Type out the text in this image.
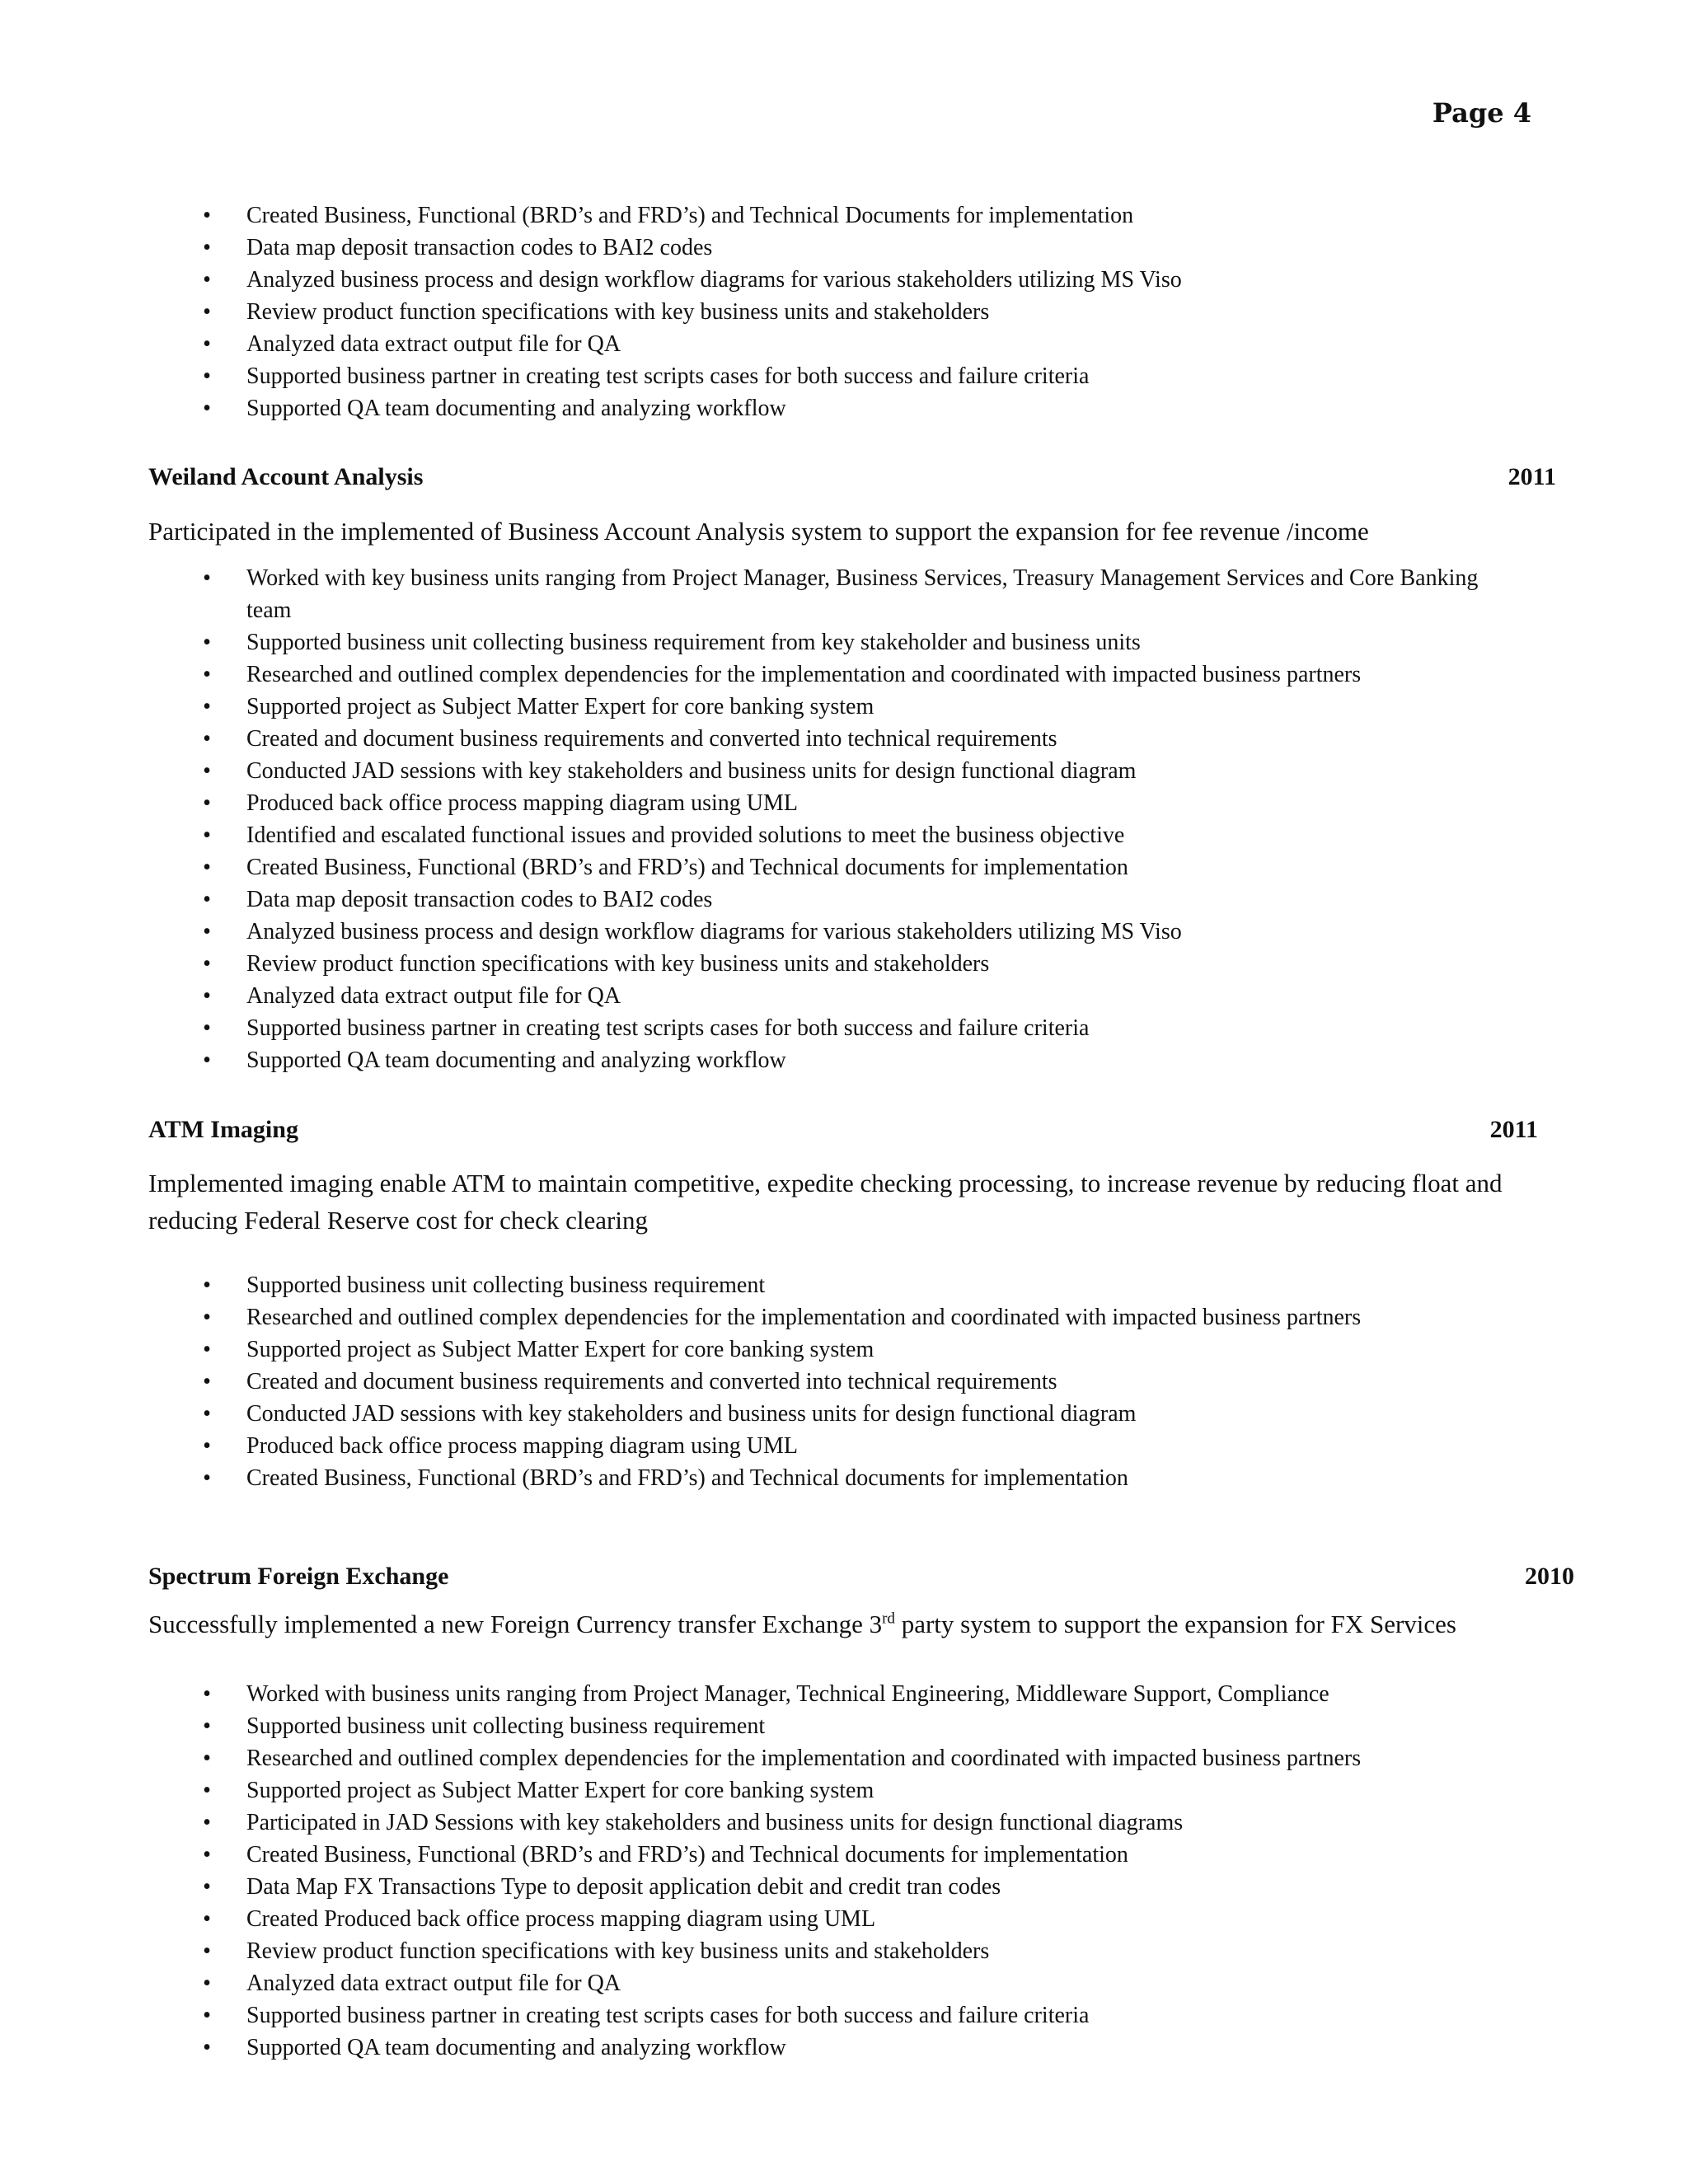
Page 4
• Created Business, Functional (BRD’s and FRD’s) and Technical Documents for implementation
• Data map deposit transaction codes to BAI2 codes
• Analyzed business process and design workflow diagrams for various stakeholders utilizing MS Viso
• Review product function specifications with key business units and stakeholders
• Analyzed data extract output file for QA
• Supported business partner in creating test scripts cases for both success and failure criteria
• Supported QA team documenting and analyzing workflow
Weiland Account Analysis	2011

Participated in the implemented of Business Account Analysis system to support the expansion for fee revenue /income

• Worked with key business units ranging from Project Manager, Business Services, Treasury Management Services and Core Banking team
• Supported business unit collecting business requirement from key stakeholder and business units
• Researched and outlined complex dependencies for the implementation and coordinated with impacted business partners
• Supported project as Subject Matter Expert for core banking system
• Created and document business requirements and converted into technical requirements
• Conducted JAD sessions with key stakeholders and business units for design functional diagram
• Produced back office process mapping diagram using UML
• Identified and escalated functional issues and provided solutions to meet the business objective
• Created Business, Functional (BRD’s and FRD’s) and Technical documents for implementation
• Data map deposit transaction codes to BAI2 codes
• Analyzed business process and design workflow diagrams for various stakeholders utilizing MS Viso
• Review product function specifications with key business units and stakeholders
• Analyzed data extract output file for QA
• Supported business partner in creating test scripts cases for both success and failure criteria
• Supported QA team documenting and analyzing workflow
ATM Imaging	2011

Implemented imaging enable ATM to maintain competitive, expedite checking processing, to increase revenue by reducing float and reducing Federal Reserve cost for check clearing

• Supported business unit collecting business requirement
• Researched and outlined complex dependencies for the implementation and coordinated with impacted business partners
• Supported project as Subject Matter Expert for core banking system
• Created and document business requirements and converted into technical requirements
• Conducted JAD sessions with key stakeholders and business units for design functional diagram
• Produced back office process mapping diagram using UML
• Created Business, Functional (BRD’s and FRD’s) and Technical documents for implementation
Spectrum Foreign Exchange	2010

Successfully implemented a new Foreign Currency transfer Exchange 3rd party system to support the expansion for FX Services

• Worked with business units ranging from Project Manager, Technical Engineering, Middleware Support, Compliance
• Supported business unit collecting business requirement
• Researched and outlined complex dependencies for the implementation and coordinated with impacted business partners
• Supported project as Subject Matter Expert for core banking system
• Participated in JAD Sessions with key stakeholders and business units for design functional diagrams
• Created Business, Functional (BRD’s and FRD’s) and Technical documents for implementation
• Data Map FX Transactions Type to deposit application debit and credit tran codes
• Created Produced back office process mapping diagram using UML
• Review product function specifications with key business units and stakeholders
• Analyzed data extract output file for QA
• Supported business partner in creating test scripts cases for both success and failure criteria
• Supported QA team documenting and analyzing workflow
